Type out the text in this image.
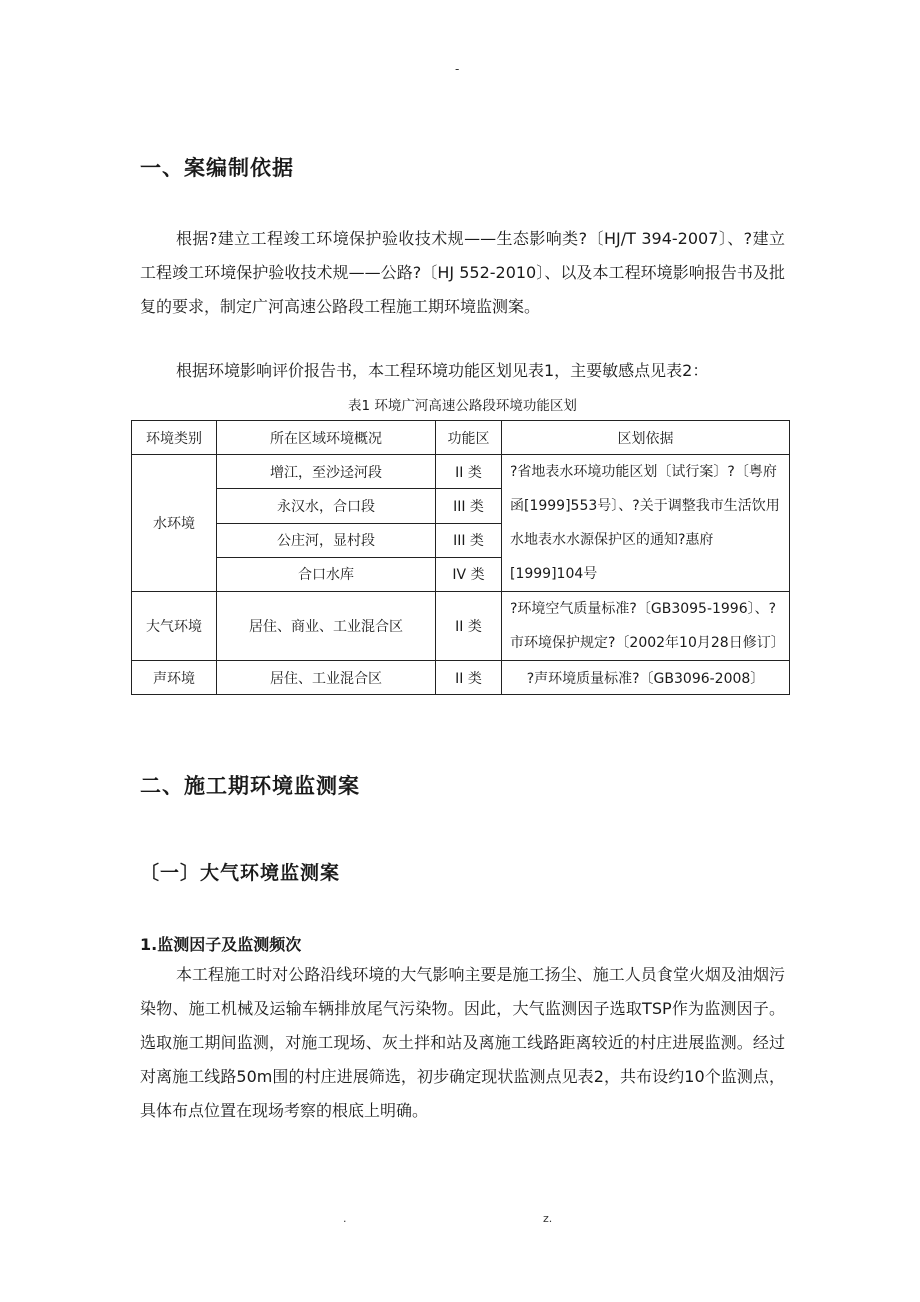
-
一、案编制依据
根据?建立工程竣工环境保护验收技术规——生态影响类?〔HJ/T 394-2007〕、?建立工程竣工环境保护验收技术规——公路?〔HJ 552-2010〕、以及本工程环境影响报告书及批复的要求，制定广河高速公路段工程施工期环境监测案。
根据环境影响评价报告书，本工程环境功能区划见表1，主要敏感点见表2：
表1 环境广河高速公路段环境功能区划
环境类别	所在区域环境概况	功能区	区划依据
水环境	增江，至沙迳河段	II 类	?省地表水环境功能区划〔试行案〕?〔粤府函[1999]553号〕、?关于调整我市生活饮用水地表水水源保护区的通知?惠府[1999]104号
	永汉水，合口段	III 类	
	公庄河，显村段	III 类	
	合口水库	IV 类	
大气环境	居住、商业、工业混合区	II 类	?环境空气质量标准?〔GB3095-1996〕、?市环境保护规定?〔2002年10月28日修订〕
声环境	居住、工业混合区	II 类	?声环境质量标准?〔GB3096-2008〕
二、施工期环境监测案
〔一〕大气环境监测案
1.监测因子及监测频次
本工程施工时对公路沿线环境的大气影响主要是施工扬尘、施工人员食堂火烟及油烟污染物、施工机械及运输车辆排放尾气污染物。因此，大气监测因子选取TSP作为监测因子。选取施工期间监测，对施工现场、灰土拌和站及离施工线路距离较近的村庄进展监测。经过对离施工线路50m围的村庄进展筛选，初步确定现状监测点见表2，共布设约10个监测点，具体布点位置在现场考察的根底上明确。
.	z.
